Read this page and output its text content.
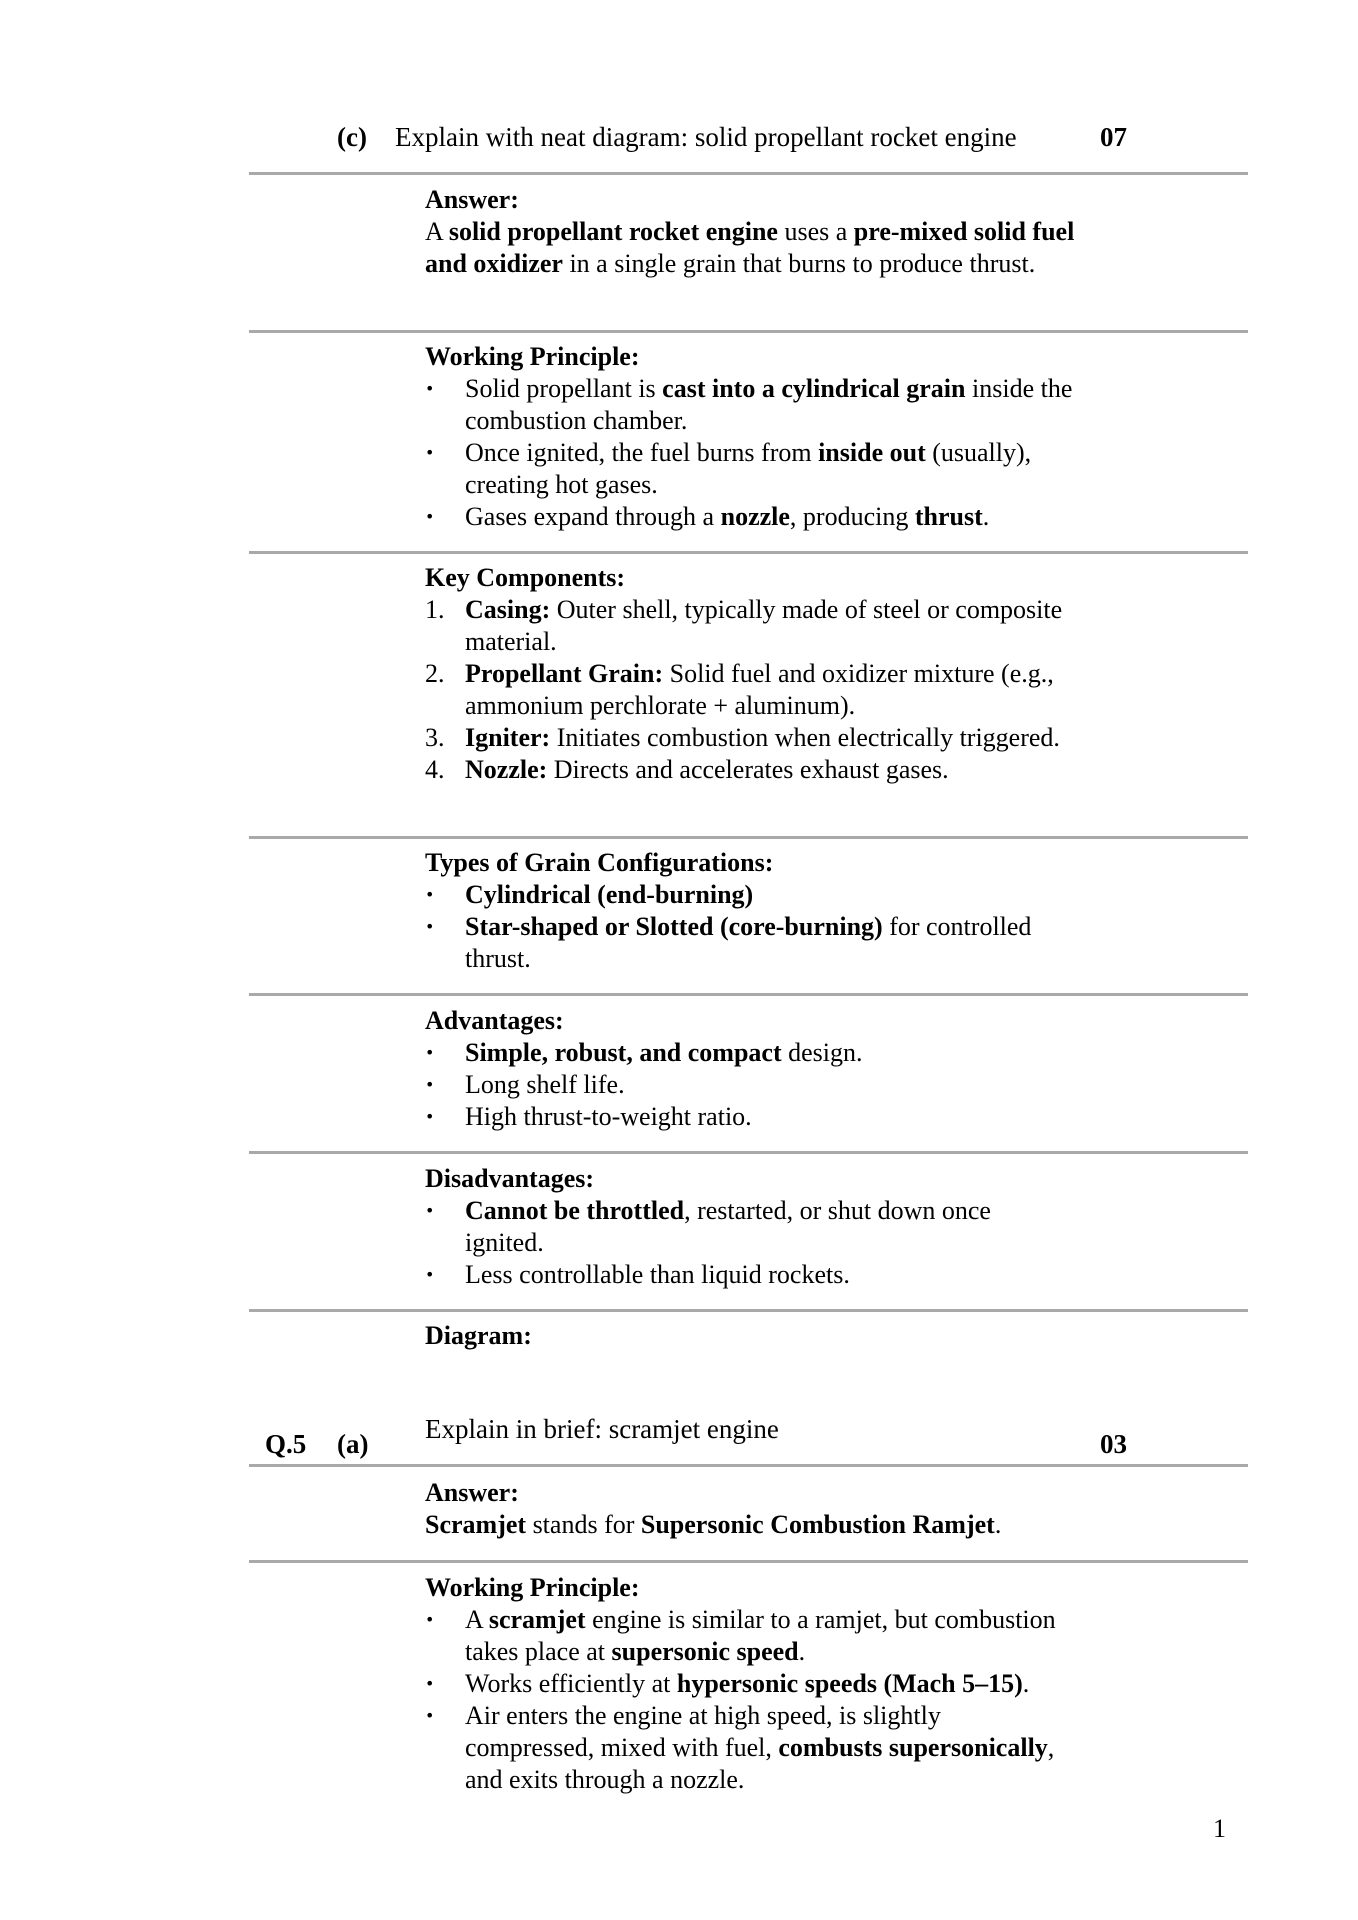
(c) Explain with neat diagram: solid propellant rocket engine	07
Answer:
A solid propellant rocket engine uses a pre-mixed solid fuel and oxidizer in a single grain that burns to produce thrust.
Working Principle:
• Solid propellant is cast into a cylindrical grain inside the combustion chamber.
• Once ignited, the fuel burns from inside out (usually), creating hot gases.
• Gases expand through a nozzle, producing thrust.
Key Components:
1. Casing: Outer shell, typically made of steel or composite material.
2. Propellant Grain: Solid fuel and oxidizer mixture (e.g., ammonium perchlorate + aluminum).
3. Igniter: Initiates combustion when electrically triggered.
4. Nozzle: Directs and accelerates exhaust gases.
Types of Grain Configurations:
• Cylindrical (end-burning)
• Star-shaped or Slotted (core-burning) for controlled thrust.
Advantages:
• Simple, robust, and compact design.
• Long shelf life.
• High thrust-to-weight ratio.
Disadvantages:
• Cannot be throttled, restarted, or shut down once ignited.
• Less controllable than liquid rockets.
Diagram:
Q.5 (a) Explain in brief: scramjet engine	03
Answer:
Scramjet stands for Supersonic Combustion Ramjet.
Working Principle:
• A scramjet engine is similar to a ramjet, but combustion takes place at supersonic speed.
• Works efficiently at hypersonic speeds (Mach 5–15).
• Air enters the engine at high speed, is slightly compressed, mixed with fuel, combusts supersonically, and exits through a nozzle.
1
